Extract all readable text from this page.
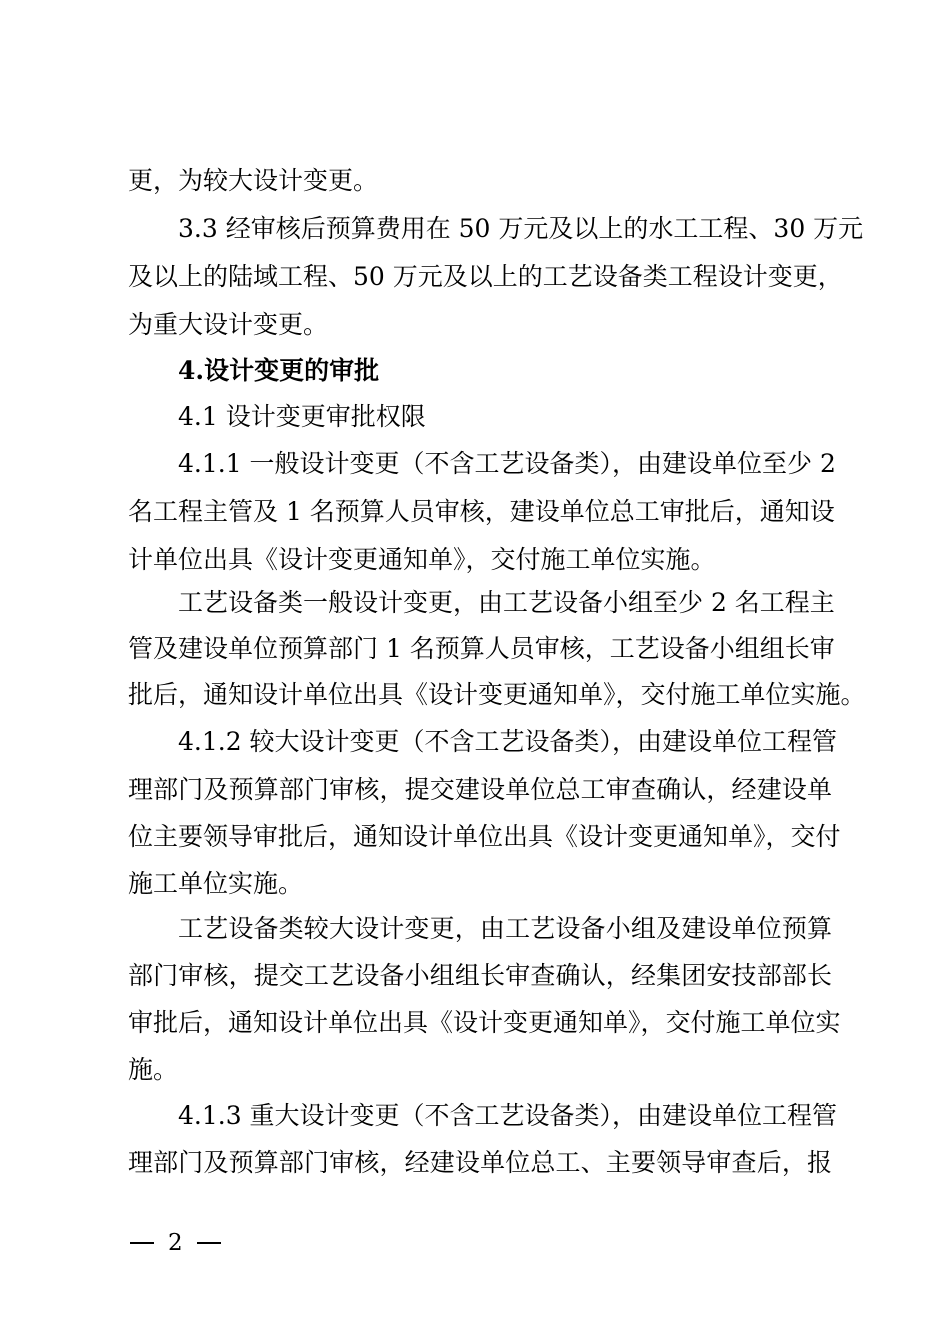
更，为较大设计变更。
3.3 经审核后预算费用在 50 万元及以上的水工工程、30 万元
及以上的陆域工程、50 万元及以上的工艺设备类工程设计变更，
为重大设计变更。
4.设计变更的审批
4.1 设计变更审批权限
4.1.1 一般设计变更（不含工艺设备类），由建设单位至少 2
名工程主管及 1 名预算人员审核，建设单位总工审批后，通知设
计单位出具《设计变更通知单》，交付施工单位实施。
工艺设备类一般设计变更，由工艺设备小组至少 2 名工程主
管及建设单位预算部门 1 名预算人员审核，工艺设备小组组长审
批后，通知设计单位出具《设计变更通知单》，交付施工单位实施。
4.1.2 较大设计变更（不含工艺设备类），由建设单位工程管
理部门及预算部门审核，提交建设单位总工审查确认，经建设单
位主要领导审批后，通知设计单位出具《设计变更通知单》，交付
施工单位实施。
工艺设备类较大设计变更，由工艺设备小组及建设单位预算
部门审核，提交工艺设备小组组长审查确认，经集团安技部部长
审批后，通知设计单位出具《设计变更通知单》，交付施工单位实
施。
4.1.3 重大设计变更（不含工艺设备类），由建设单位工程管
理部门及预算部门审核，经建设单位总工、主要领导审查后，报
2
